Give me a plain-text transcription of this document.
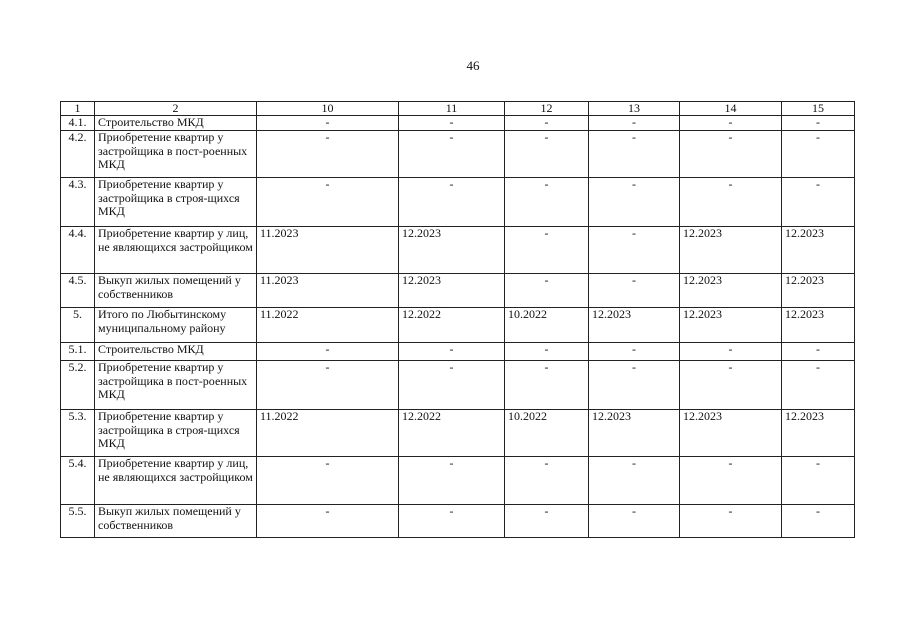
46
1	2	10	11	12	13	14	15
4.1.	Строительство МКД	-	-	-	-	-	-
4.2.	Приобретение квартир у застройщика в пост-роенных МКД	-	-	-	-	-	-
4.3.	Приобретение квартир у застройщика в строя-щихся МКД	-	-	-	-	-	-
4.4.	Приобретение квартир у лиц, не являющихся застройщиком	11.2023	12.2023	-	-	12.2023	12.2023
4.5.	Выкуп жилых помещений у собственников	11.2023	12.2023	-	-	12.2023	12.2023
5.	Итого по Любытинскому муниципальному району	11.2022	12.2022	10.2022	12.2023	12.2023	12.2023
5.1.	Строительство МКД	-	-	-	-	-	-
5.2.	Приобретение квартир у застройщика в пост-роенных МКД	-	-	-	-	-	-
5.3.	Приобретение квартир у застройщика в строя-щихся МКД	11.2022	12.2022	10.2022	12.2023	12.2023	12.2023
5.4.	Приобретение квартир у лиц, не являющихся застройщиком	-	-	-	-	-	-
5.5.	Выкуп жилых помещений у собственников	-	-	-	-	-	-
